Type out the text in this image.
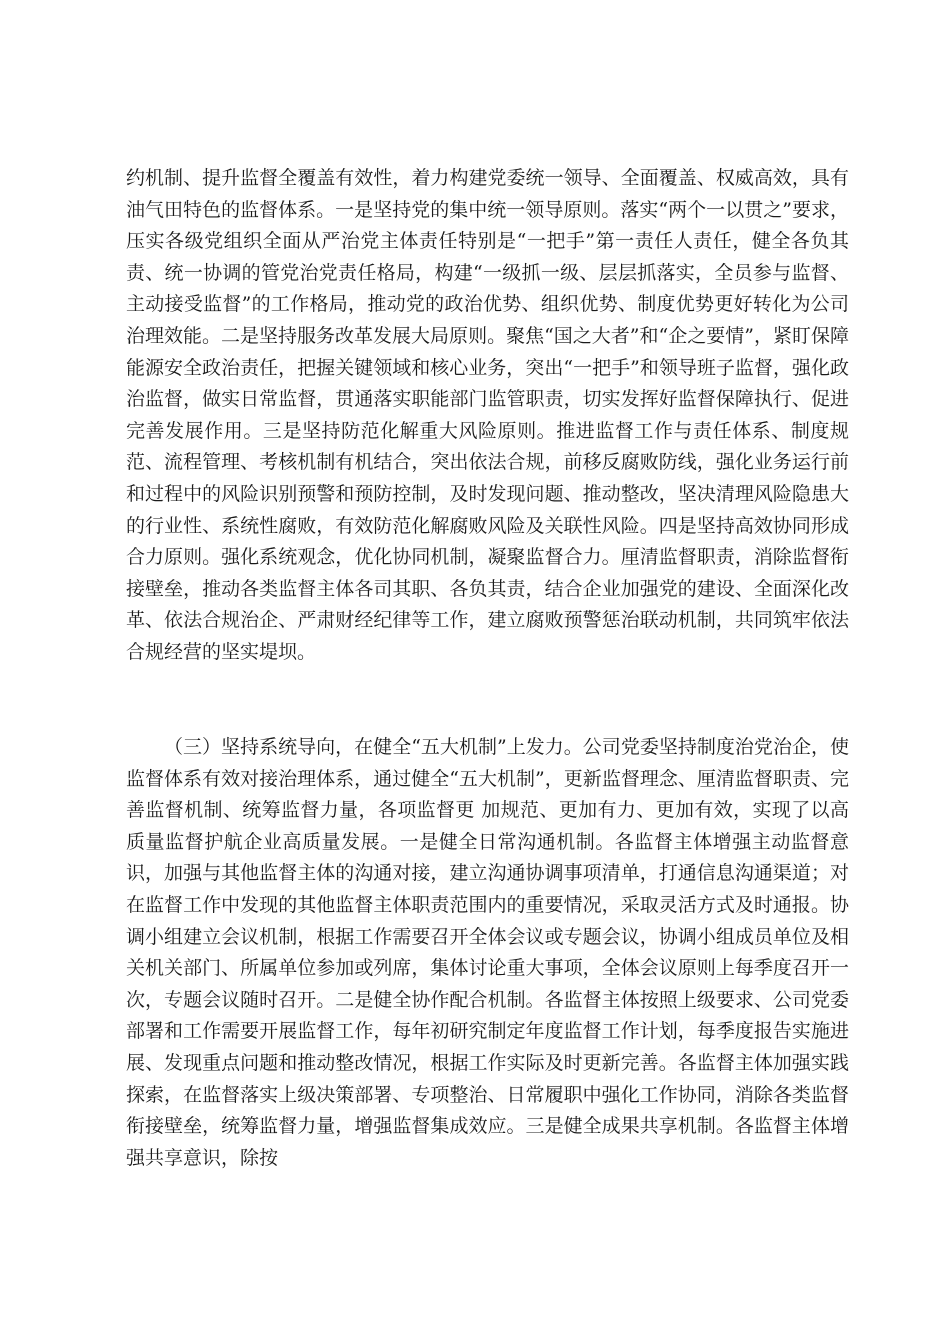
约机制、提升监督全覆盖有效性，着力构建党委统一领导、全面覆盖、权威高效，具有油气田特色的监督体系。一是坚持党的集中统一领导原则。落实“两个一以贯之”要求，压实各级党组织全面从严治党主体责任特别是“一把手”第一责任人责任，健全各负其责、统一协调的管党治党责任格局，构建“一级抓一级、层层抓落实，全员参与监督、主动接受监督”的工作格局，推动党的政治优势、组织优势、制度优势更好转化为公司治理效能。二是坚持服务改革发展大局原则。聚焦“国之大者”和“企之要情”，紧盯保障能源安全政治责任，把握关键领域和核心业务，突出“一把手”和领导班子监督，强化政治监督，做实日常监督，贯通落实职能部门监管职责，切实发挥好监督保障执行、促进完善发展作用。三是坚持防范化解重大风险原则。推进监督工作与责任体系、制度规范、流程管理、考核机制有机结合，突出依法合规，前移反腐败防线，强化业务运行前和过程中的风险识别预警和预防控制，及时发现问题、推动整改，坚决清理风险隐患大的行业性、系统性腐败，有效防范化解腐败风险及关联性风险。四是坚持高效协同形成合力原则。强化系统观念，优化协同机制，凝聚监督合力。厘清监督职责，消除监督衔接壁垒，推动各类监督主体各司其职、各负其责，结合企业加强党的建设、全面深化改革、依法合规治企、严肃财经纪律等工作，建立腐败预警惩治联动机制，共同筑牢依法合规经营的坚实堤坝。

（三）坚持系统导向，在健全“五大机制”上发力。公司党委坚持制度治党治企，使监督体系有效对接治理体系，通过健全“五大机制”，更新监督理念、厘清监督职责、完善监督机制、统筹监督力量，各项监督更 加规范、更加有力、更加有效，实现了以高质量监督护航企业高质量发展。一是健全日常沟通机制。各监督主体增强主动监督意识，加强与其他监督主体的沟通对接，建立沟通协调事项清单，打通信息沟通渠道；对在监督工作中发现的其他监督主体职责范围内的重要情况，采取灵活方式及时通报。协调小组建立会议机制，根据工作需要召开全体会议或专题会议，协调小组成员单位及相关机关部门、所属单位参加或列席，集体讨论重大事项，全体会议原则上每季度召开一次，专题会议随时召开。二是健全协作配合机制。各监督主体按照上级要求、公司党委部署和工作需要开展监督工作，每年初研究制定年度监督工作计划，每季度报告实施进展、发现重点问题和推动整改情况，根据工作实际及时更新完善。各监督主体加强实践探索，在监督落实上级决策部署、专项整治、日常履职中强化工作协同，消除各类监督衔接壁垒，统筹监督力量，增强监督集成效应。三是健全成果共享机制。各监督主体增强共享意识，除按
